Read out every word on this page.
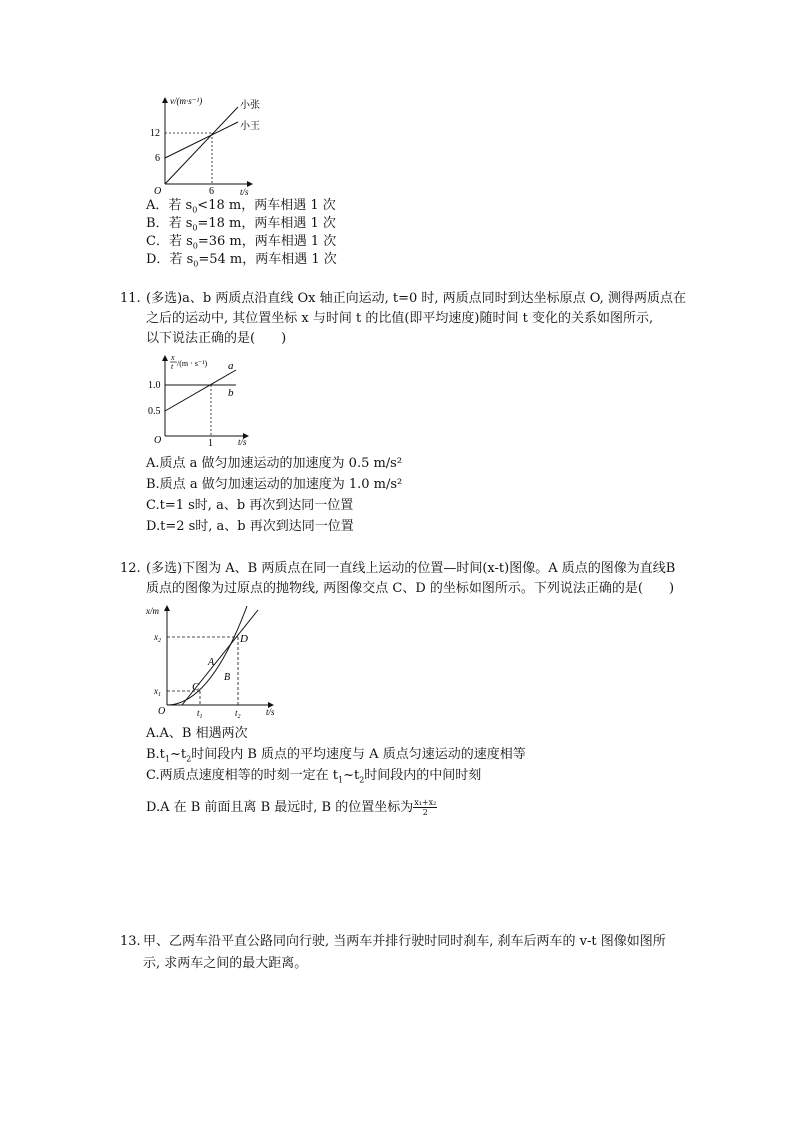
v/(m·s⁻¹)
t/s
O
12
6
6
小张
小王
A．若 $s_0<18$ m，两车相遇 1 次
B．若 $s_0=18$ m，两车相遇 1 次
C．若 $s_0=36$ m，两车相遇 1 次
D．若 $s_0=54$ m，两车相遇 1 次
11. (多选)a、b 两质点沿直线 Ox 轴正向运动, t=0 时, 两质点同时到达坐标原点 O, 测得两质点在
之后的运动中, 其位置坐标 x 与时间 t 的比值(即平均速度)随时间 t 变化的关系如图所示,
以下说法正确的是(　　)
x
t /(m · s⁻¹)
t/s
O
1.0
0.5
1
a
b
A.质点 a 做匀加速运动的加速度为 0.5 m/s²
B.质点 a 做匀加速运动的加速度为 1.0 m/s²
C.t=1 s时, a、b 再次到达同一位置
D.t=2 s时, a、b 再次到达同一位置
12. (多选)下图为 A、B 两质点在同一直线上运动的位置—时间(x-t)图像。A 质点的图像为直线B
质点的图像为过原点的抛物线, 两图像交点 C、D 的坐标如图所示。下列说法正确的是(　　)
x/m
t/s
O
$x_2$
$x_1$
$t_1$	$t_2$
C
D
A
B
A.A、B 相遇两次
$B.t_1\sim t_2$时间段内 B 质点的平均速度与 A 质点匀速运动的速度相等
C.两质点速度相等的时刻一定在 $t_1\sim t_2$时间段内的中间时刻
D.A 在 B 前面且离 B 最远时, B 的位置坐标为 $\frac{\text{x₁+x₂}}{2}$
13. 甲、乙两车沿平直公路同向行驶, 当两车并排行驶时同时刹车, 刹车后两车的 v-t 图像如图所
示, 求两车之间的最大距离。
